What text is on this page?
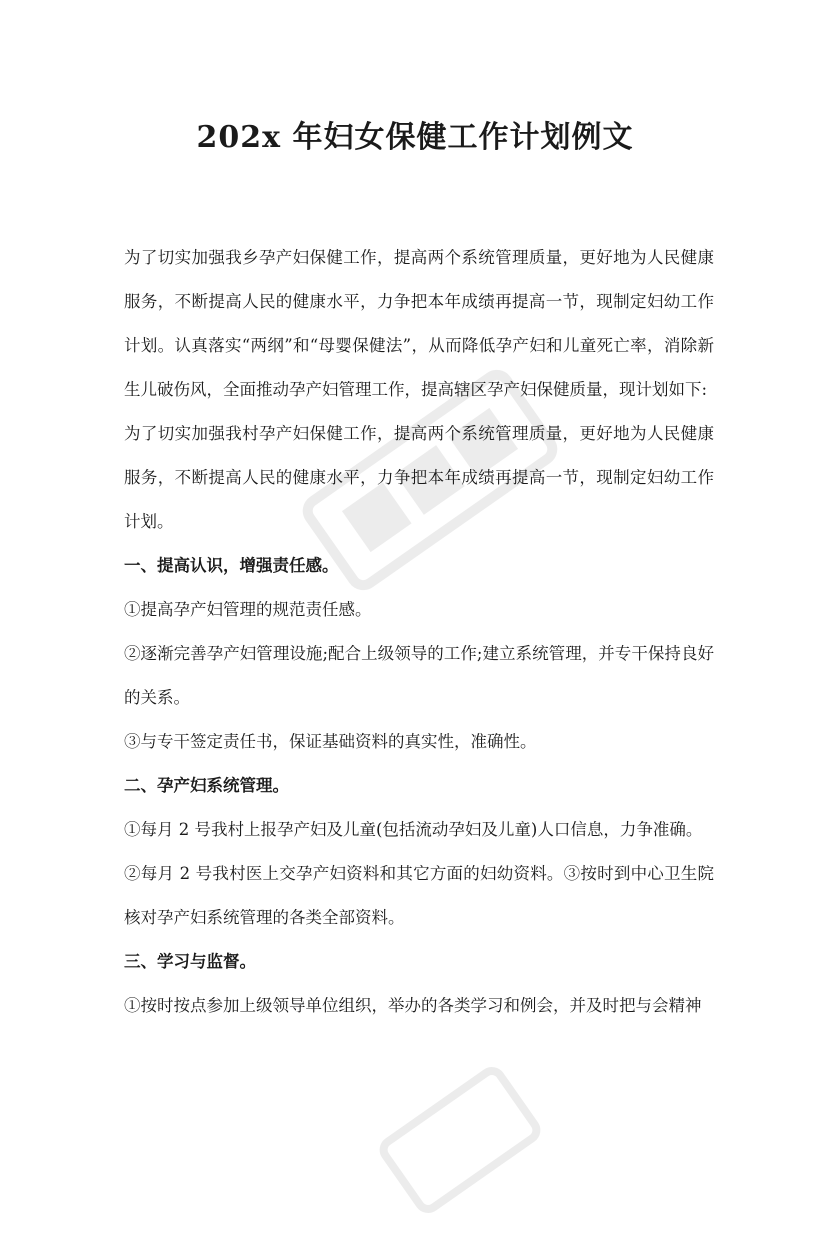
202x 年妇女保健工作计划例文

为了切实加强我乡孕产妇保健工作，提高两个系统管理质量，更好地为人民健康服务，不断提高人民的健康水平，力争把本年成绩再提高一节，现制定妇幼工作计划。认真落实“两纲”和“母婴保健法”，从而降低孕产妇和儿童死亡率，消除新生儿破伤风，全面推动孕产妇管理工作，提高辖区孕产妇保健质量，现计划如下:

为了切实加强我村孕产妇保健工作，提高两个系统管理质量，更好地为人民健康服务，不断提高人民的健康水平，力争把本年成绩再提高一节，现制定妇幼工作计划。

一、提高认识，增强责任感。

①提高孕产妇管理的规范责任感。

②逐渐完善孕产妇管理设施;配合上级领导的工作;建立系统管理，并专干保持良好的关系。

③与专干签定责任书，保证基础资料的真实性，准确性。

二、孕产妇系统管理。

①每月 2 号我村上报孕产妇及儿童(包括流动孕妇及儿童)人口信息，力争准确。

②每月 2 号我村医上交孕产妇资料和其它方面的妇幼资料。③按时到中心卫生院核对孕产妇系统管理的各类全部资料。

三、学习与监督。

①按时按点参加上级领导单位组织，举办的各类学习和例会，并及时把与会精神
